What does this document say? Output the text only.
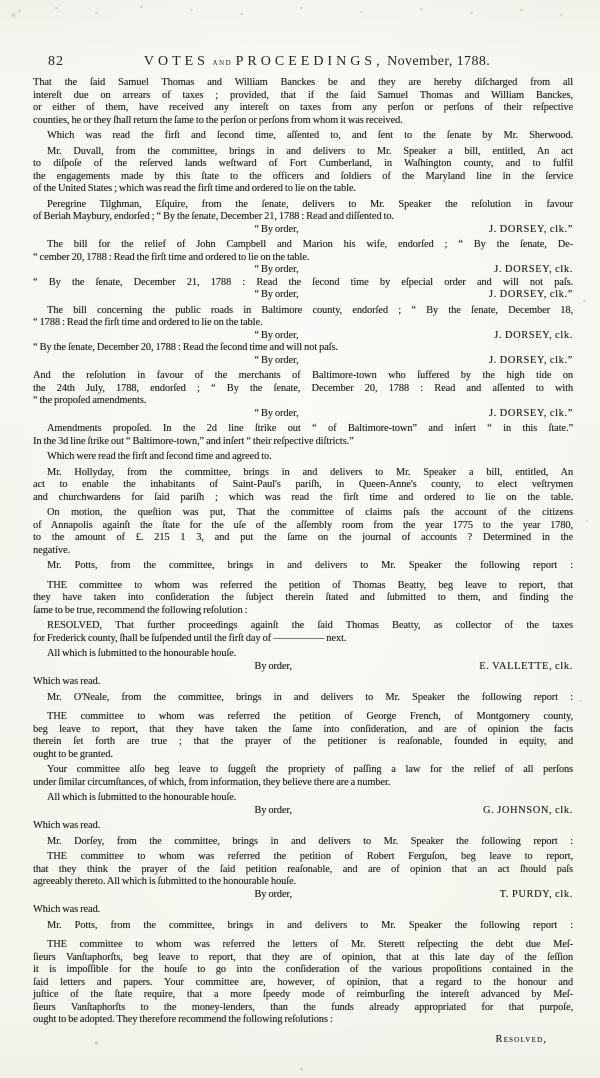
82	VOTES and PROCEEDINGS, November, 1788.
That the ſaid Samuel Thomas and William Banckes be and they are hereby diſcharged from all
intereſt due on arrears of taxes ; provided, that if the ſaid Samuel Thomas and William Banckes,
or either of them, have received any intereſt on taxes from any perſon or perſons of their reſpective
counties, he or they ſhall return the ſame to the perſon or perſons from whom it was received.
Which was read the firſt and ſecond time, aſſented to, and ſent to the ſenate by Mr. Sherwood.
Mr. Duvall, from the committee, brings in and delivers to Mr. Speaker a bill, entitled, An act
to diſpoſe of the reſerved lands weſtward of Fort Cumberland, in Waſhington county, and to fulfil
the engagements made by this ſtate to the officers and ſoldiers of the Maryland line in the ſervice
of the United States ; which was read the firſt time and ordered to lie on the table.
Peregrine Tilghman, Eſquire, from the ſenate, delivers to Mr. Speaker the reſolution in favour
of Beriah Maybury, endorſed ; “ By the ſenate, December 21, 1788 : Read and diſſented to.
“ By order,	J. DORSEY, clk.”
The bill for the relief of John Campbell and Marion his wife, endorſed ; “ By the ſenate, De-
“ cember 20, 1788 : Read the firſt time and ordered to lie on the table.
“ By order,	J. DORSEY, clk.
“ By the ſenate, December 21, 1788 : Read the ſecond time by eſpecial order and will not paſs.
“ By order,	J. DORSEY, clk.”
The bill concerning the public roads in Baltimore county, endorſed ; “ By the ſenate, December 18,
“ 1788 : Read the firſt time and ordered to lie on the table.
“ By order,	J. DORSEY, clk.
“ By the ſenate, December 20, 1788 : Read the ſecond time and will not paſs.
“ By order,	J. DORSEY, clk.”
And the reſolution in favour of the merchants of Baltimore-town who ſuffered by the high tide on
the 24th July, 1788, endorſed ; “ By the ſenate, December 20, 1788 : Read and aſſented to with
“ the propoſed amendments.
“ By order,	J. DORSEY, clk.”
Amendments propoſed. In the 2d line ſtrike out “ of Baltimore-town” and inſert “ in this ſtate.”
In the 3d line ſtrike out “ Baltimore-town,” and inſert “ their reſpective diſtricts.”
Which were read the firſt and ſecond time and agreed to.
Mr. Hollyday, from the committee, brings in and delivers to Mr. Speaker a bill, entitled, An
act to enable the inhabitants of Saint-Paul's pariſh, in Queen-Anne's county, to elect veſtrymen
and churchwardens for ſaid pariſh ; which was read the firſt time and ordered to lie on the table.
On motion, the queſtion was put, That the committee of claims paſs the account of the citizens
of Annapolis againſt the ſtate for the uſe of the aſſembly room from the year 1775 to the year 1780,
to the amount of £. 215 1 3, and put the ſame on the journal of accounts ? Determined in the
negative.
Mr. Potts, from the committee, brings in and delivers to Mr. Speaker the following report :
THE committee to whom was referred the petition of Thomas Beatty, beg leave to report, that
they have taken into conſideration the ſubject therein ſtated and ſubmitted to them, and finding the
ſame to be true, recommend the following reſolution :
RESOLVED, That further proceedings againſt the ſaid Thomas Beatty, as collector of the taxes
for Frederick county, ſhall be ſuſpended until the firſt day of ————— next.
All which is ſubmitted to the honourable houſe.
By order,	E. VALLETTE, clk.
Which was read.
Mr. O'Neale, from the committee, brings in and delivers to Mr. Speaker the following report :
THE committee to whom was referred the petition of George French, of Montgomery county,
beg leave to report, that they have taken the ſame into conſideration, and are of opinion the facts
therein ſet forth are true ; that the prayer of the petitioner is reaſonable, founded in equity, and
ought to be granted.
Your committee alſo beg leave to ſuggeſt the propriety of paſſing a law for the relief of all perſons
under ſimilar circumſtances, of which, from information, they believe there are a number.
All which is ſubmitted to the honourable houſe.
By order,	G. JOHNSON, clk.
Which was read.
Mr. Dorſey, from the committee, brings in and delivers to Mr. Speaker the following report :
THE committee to whom was referred the petition of Robert Ferguſon, beg leave to report,
that they think the prayer of the ſaid petition reaſonable, and are of opinion that an act ſhould paſs
agreeably thereto. All which is ſubmitted to the honourable houſe.
By order,	T. PURDY, clk.
Which was read.
Mr. Potts, from the committee, brings in and delivers to Mr. Speaker the following report :
THE committee to whom was referred the letters of Mr. Sterett reſpecting the debt due Meſ-
ſieurs Vanſtaphorſts, beg leave to report, that they are of opinion, that at this late day of the ſeſſion
it is impoſſible for the houſe to go into the conſideration of the various propoſitions contained in the
ſaid letters and papers. Your committee are, however, of opinion, that a regard to the honour and
juſtice of the ſtate require, that a more ſpeedy mode of reimburſing the intereſt advanced by Meſ-
ſieurs Vanſtaphorſts to the money-lenders, than the funds already appropriated for that purpoſe,
ought to be adopted. They therefore recommend the following reſolutions :
Resolved,
